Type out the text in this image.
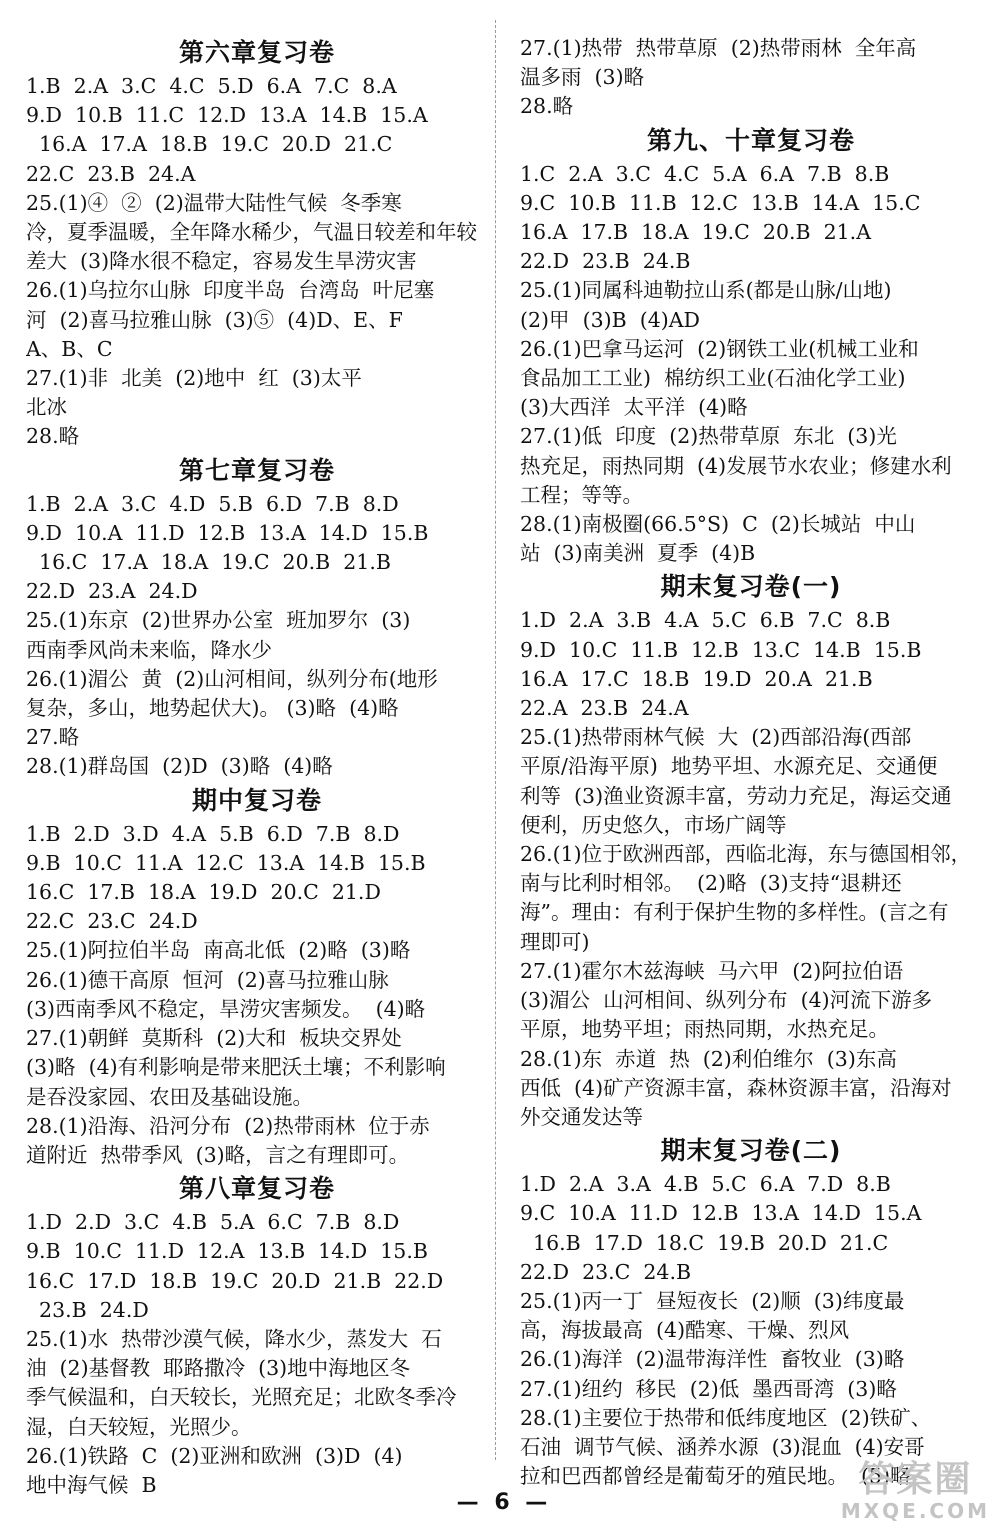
第六章复习卷
1.B  2.A  3.C  4.C  5.D  6.A  7.C  8.A
9.D  10.B  11.C  12.D  13.A  14.B  15.A
16.A  17.A  18.B  19.C  20.D  21.C
22.C  23.B  24.A
25.(1)④  ②  (2)温带大陆性气候  冬季寒
冷，夏季温暖，全年降水稀少，气温日较差和年较
差大  (3)降水很不稳定，容易发生旱涝灾害
26.(1)乌拉尔山脉  印度半岛  台湾岛  叶尼塞
河  (2)喜马拉雅山脉  (3)⑤  (4)D、E、F
A、B、C
27.(1)非  北美  (2)地中  红  (3)太平
北冰
28.略
第七章复习卷
1.B  2.A  3.C  4.D  5.B  6.D  7.B  8.D
9.D  10.A  11.D  12.B  13.A  14.D  15.B
16.C  17.A  18.A  19.C  20.B  21.B
22.D  23.A  24.D
25.(1)东京  (2)世界办公室  班加罗尔  (3)
西南季风尚未来临，降水少
26.(1)湄公  黄  (2)山河相间，纵列分布(地形
复杂，多山，地势起伏大)。 (3)略  (4)略
27.略
28.(1)群岛国  (2)D  (3)略  (4)略
期中复习卷
1.B  2.D  3.D  4.A  5.B  6.D  7.B  8.D
9.B  10.C  11.A  12.C  13.A  14.B  15.B
16.C  17.B  18.A  19.D  20.C  21.D
22.C  23.C  24.D
25.(1)阿拉伯半岛  南高北低  (2)略  (3)略
26.(1)德干高原  恒河  (2)喜马拉雅山脉
(3)西南季风不稳定，旱涝灾害频发。  (4)略
27.(1)朝鲜  莫斯科  (2)大和  板块交界处
(3)略  (4)有利影响是带来肥沃土壤；不利影响
是吞没家园、农田及基础设施。
28.(1)沿海、沿河分布  (2)热带雨林  位于赤
道附近  热带季风  (3)略，言之有理即可。
第八章复习卷
1.D  2.D  3.C  4.B  5.A  6.C  7.B  8.D
9.B  10.C  11.D  12.A  13.B  14.D  15.B
16.C  17.D  18.B  19.C  20.D  21.B  22.D
23.B  24.D
25.(1)水  热带沙漠气候，降水少，蒸发大  石
油  (2)基督教  耶路撒冷  (3)地中海地区冬
季气候温和，白天较长，光照充足；北欧冬季冷
湿，白天较短，光照少。
26.(1)铁路  C  (2)亚洲和欧洲  (3)D  (4)
地中海气候  B
27.(1)热带  热带草原  (2)热带雨林  全年高
温多雨  (3)略
28.略
第九、十章复习卷
1.C  2.A  3.C  4.C  5.A  6.A  7.B  8.B
9.C  10.B  11.B  12.C  13.B  14.A  15.C
16.A  17.B  18.A  19.C  20.B  21.A
22.D  23.B  24.B
25.(1)同属科迪勒拉山系(都是山脉/山地)
(2)甲  (3)B  (4)AD
26.(1)巴拿马运河  (2)钢铁工业(机械工业和
食品加工工业)  棉纺织工业(石油化学工业)
(3)大西洋  太平洋  (4)略
27.(1)低  印度  (2)热带草原  东北  (3)光
热充足，雨热同期  (4)发展节水农业；修建水利
工程；等等。
28.(1)南极圈(66.5°S)  C  (2)长城站  中山
站  (3)南美洲  夏季  (4)B
期末复习卷(一)
1.D  2.A  3.B  4.A  5.C  6.B  7.C  8.B
9.D  10.C  11.B  12.B  13.C  14.B  15.B
16.A  17.C  18.B  19.D  20.A  21.B
22.A  23.B  24.A
25.(1)热带雨林气候  大  (2)西部沿海(西部
平原/沿海平原)  地势平坦、水源充足、交通便
利等  (3)渔业资源丰富，劳动力充足，海运交通
便利，历史悠久，市场广阔等
26.(1)位于欧洲西部，西临北海，东与德国相邻，
南与比利时相邻。  (2)略  (3)支持“退耕还
海”。理由：有利于保护生物的多样性。(言之有
理即可)
27.(1)霍尔木兹海峡  马六甲  (2)阿拉伯语
(3)湄公  山河相间、纵列分布  (4)河流下游多
平原，地势平坦；雨热同期，水热充足。
28.(1)东  赤道  热  (2)利伯维尔  (3)东高
西低  (4)矿产资源丰富，森林资源丰富，沿海对
外交通发达等
期末复习卷(二)
1.D  2.A  3.A  4.B  5.C  6.A  7.D  8.B
9.C  10.A  11.D  12.B  13.A  14.D  15.A
16.B  17.D  18.C  19.B  20.D  21.C
22.D  23.C  24.B
25.(1)丙一丁  昼短夜长  (2)顺  (3)纬度最
高，海拔最高  (4)酷寒、干燥、烈风
26.(1)海洋  (2)温带海洋性  畜牧业  (3)略
27.(1)纽约  移民  (2)低  墨西哥湾  (3)略
28.(1)主要位于热带和低纬度地区  (2)铁矿、
石油  调节气候、涵养水源  (3)混血  (4)安哥
拉和巴西都曾经是葡萄牙的殖民地。  (5)略
— 6 —
答案圈
MXQE.COM
